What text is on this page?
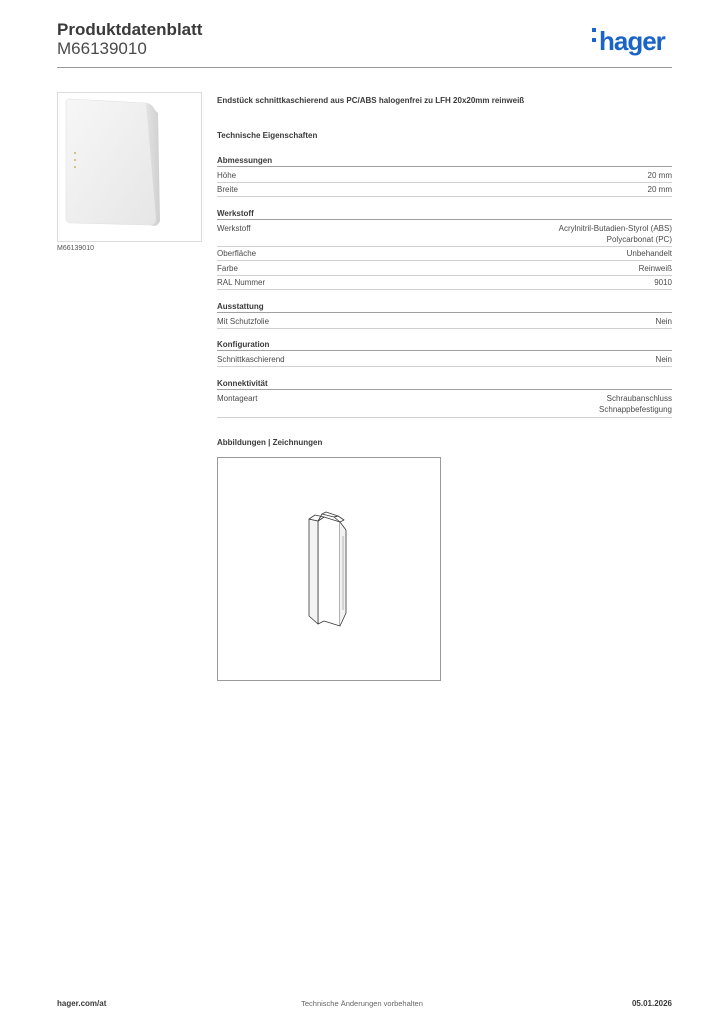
Produktdatenblatt
M66139010	hager
M66139010
Endstück schnittkaschierend aus PC/ABS halogenfrei zu LFH 20x20mm reinweiß
Technische Eigenschaften
Abmessungen
Höhe	20 mm
Breite	20 mm
Werkstoff
Werkstoff	Acrylnitril-Butadien-Styrol (ABS)
Polycarbonat (PC)
Oberfläche	Unbehandelt
Farbe	Reinweiß
RAL Nummer	9010
Ausstattung
Mit Schutzfolie	Nein
Konfiguration
Schnittkaschierend	Nein
Konnektivität
Montageart	Schraubanschluss
Schnappbefestigung
Abbildungen | Zeichnungen
hager.com/at	Technische Änderungen vorbehalten	05.01.2026
